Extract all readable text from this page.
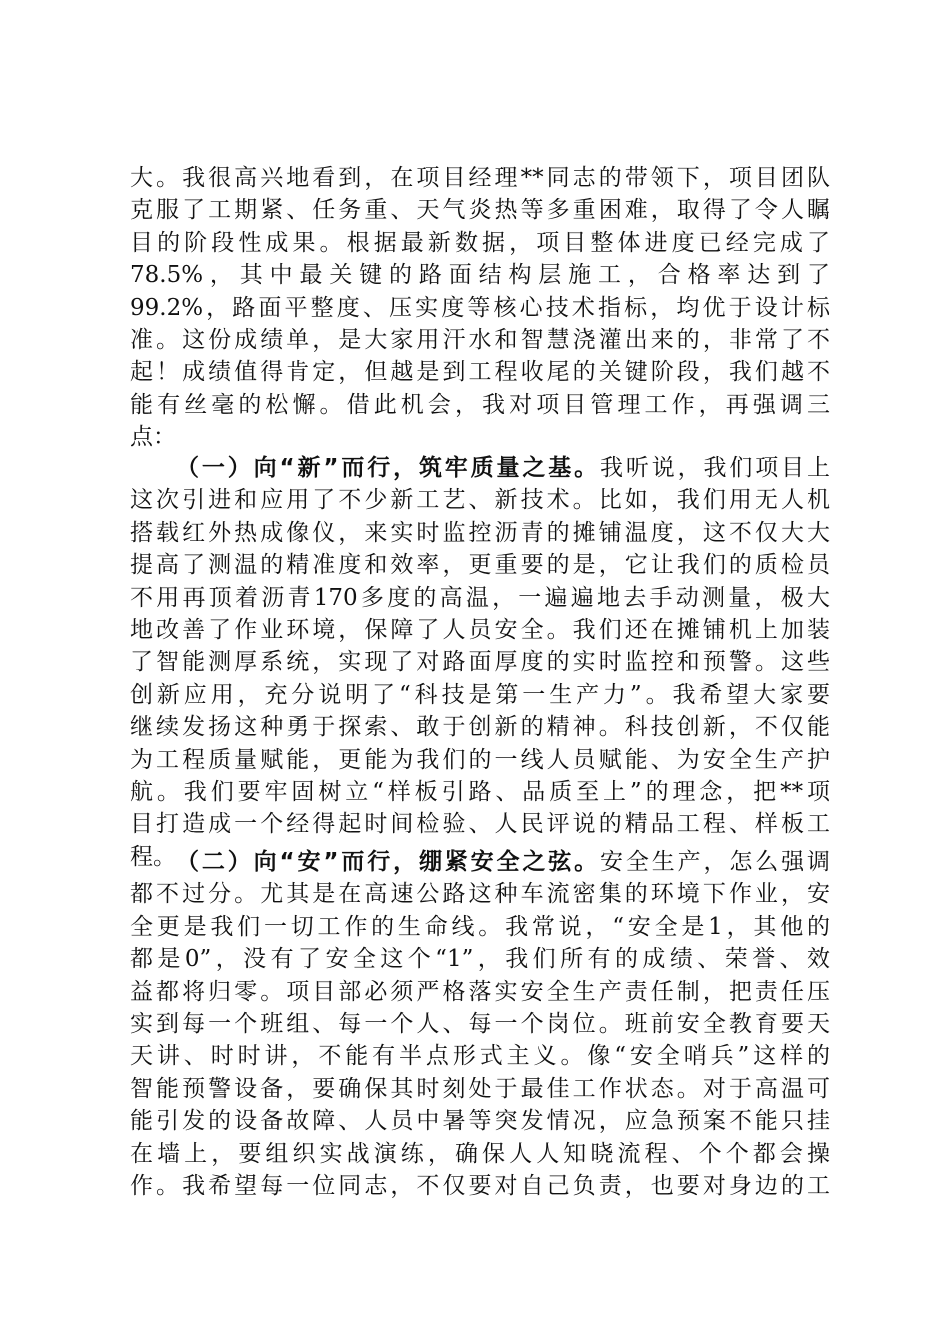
大。我很高兴地看到，在项目经理**同志的带领下，项目团队
克服了工期紧、任务重、天气炎热等多重困难，取得了令人瞩
目的阶段性成果。根据最新数据，项目整体进度已经完成了
78.5%，其中最关键的路面结构层施工，合格率达到了
99.2%，路面平整度、压实度等核心技术指标，均优于设计标
准。这份成绩单，是大家用汗水和智慧浇灌出来的，非常了不
起！成绩值得肯定，但越是到工程收尾的关键阶段，我们越不
能有丝毫的松懈。借此机会，我对项目管理工作，再强调三
点：
（一）向“新”而行，筑牢质量之基。我听说，我们项目上
这次引进和应用了不少新工艺、新技术。比如，我们用无人机
搭载红外热成像仪，来实时监控沥青的摊铺温度，这不仅大大
提高了测温的精准度和效率，更重要的是，它让我们的质检员
不用再顶着沥青170多度的高温，一遍遍地去手动测量，极大
地改善了作业环境，保障了人员安全。我们还在摊铺机上加装
了智能测厚系统，实现了对路面厚度的实时监控和预警。这些
创新应用，充分说明了“科技是第一生产力”。我希望大家要
继续发扬这种勇于探索、敢于创新的精神。科技创新，不仅能
为工程质量赋能，更能为我们的一线人员赋能、为安全生产护
航。我们要牢固树立“样板引路、品质至上”的理念，把**项
目打造成一个经得起时间检验、人民评说的精品工程、样板工
程。 （二）向“安”而行，绷紧安全之弦。安全生产，怎么强调
都不过分。尤其是在高速公路这种车流密集的环境下作业，安
全更是我们一切工作的生命线。我常说，“安全是1，其他的
都是0”，没有了安全这个“1”，我们所有的成绩、荣誉、效
益都将归零。项目部必须严格落实安全生产责任制，把责任压
实到每一个班组、每一个人、每一个岗位。班前安全教育要天
天讲、时时讲，不能有半点形式主义。像“安全哨兵”这样的
智能预警设备，要确保其时刻处于最佳工作状态。对于高温可
能引发的设备故障、人员中暑等突发情况，应急预案不能只挂
在墙上，要组织实战演练，确保人人知晓流程、个个都会操
作。我希望每一位同志，不仅要对自己负责，也要对身边的工
